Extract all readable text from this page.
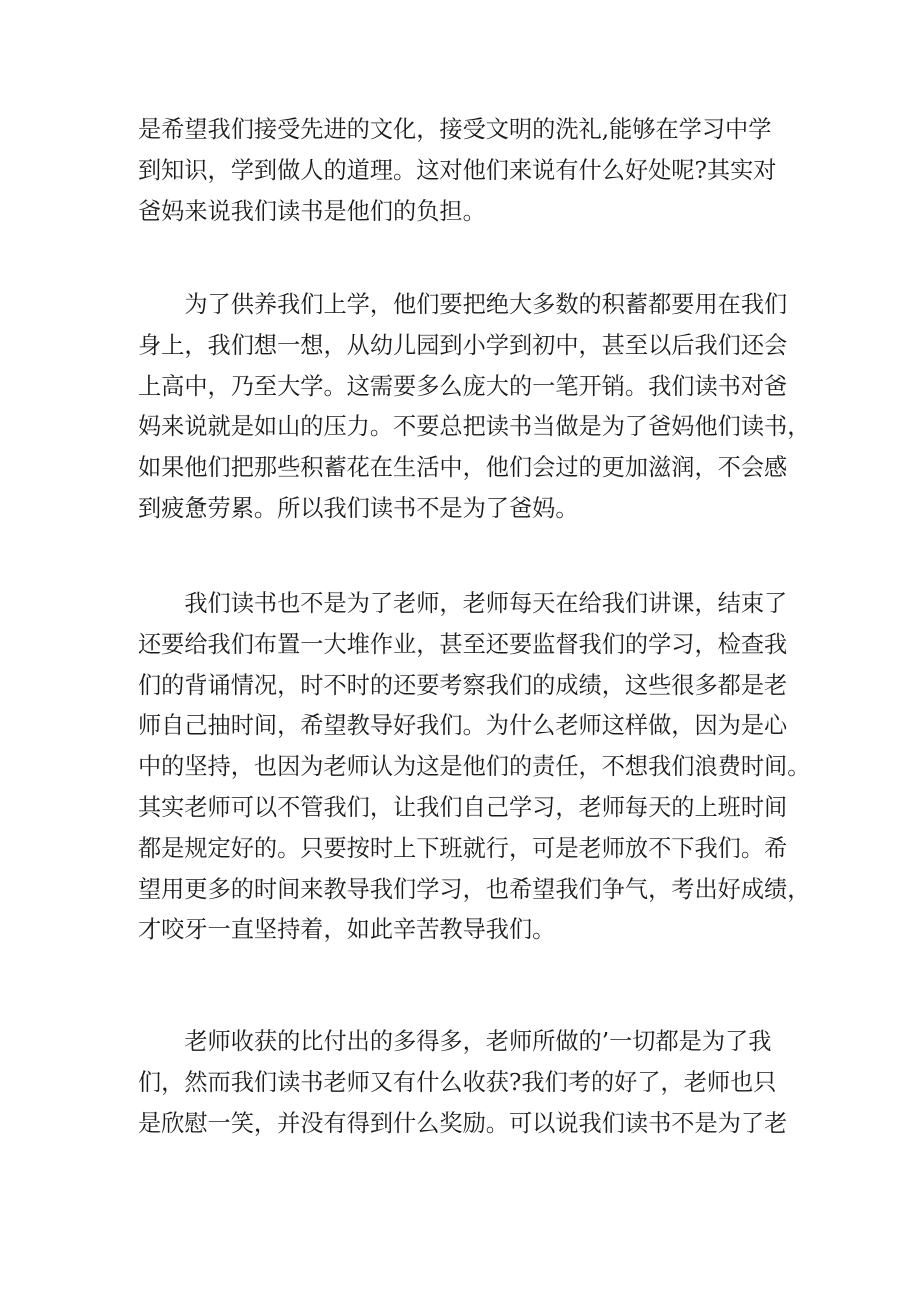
是希望我们接受先进的文化，接受文明的洗礼,能够在学习中学
到知识，学到做人的道理。这对他们来说有什么好处呢?其实对
爸妈来说我们读书是他们的负担。

　　为了供养我们上学，他们要把绝大多数的积蓄都要用在我们
身上，我们想一想，从幼儿园到小学到初中，甚至以后我们还会
上高中，乃至大学。这需要多么庞大的一笔开销。我们读书对爸
妈来说就是如山的压力。不要总把读书当做是为了爸妈他们读书，
如果他们把那些积蓄花在生活中，他们会过的更加滋润，不会感
到疲惫劳累。所以我们读书不是为了爸妈。

　　我们读书也不是为了老师，老师每天在给我们讲课，结束了
还要给我们布置一大堆作业，甚至还要监督我们的学习，检查我
们的背诵情况，时不时的还要考察我们的成绩，这些很多都是老
师自己抽时间，希望教导好我们。为什么老师这样做，因为是心
中的坚持，也因为老师认为这是他们的责任，不想我们浪费时间。
其实老师可以不管我们，让我们自己学习，老师每天的上班时间
都是规定好的。只要按时上下班就行，可是老师放不下我们。希
望用更多的时间来教导我们学习，也希望我们争气，考出好成绩，
才咬牙一直坚持着，如此辛苦教导我们。

　　老师收获的比付出的多得多，老师所做的’一切都是为了我
们，然而我们读书老师又有什么收获?我们考的好了，老师也只
是欣慰一笑，并没有得到什么奖励。可以说我们读书不是为了老
